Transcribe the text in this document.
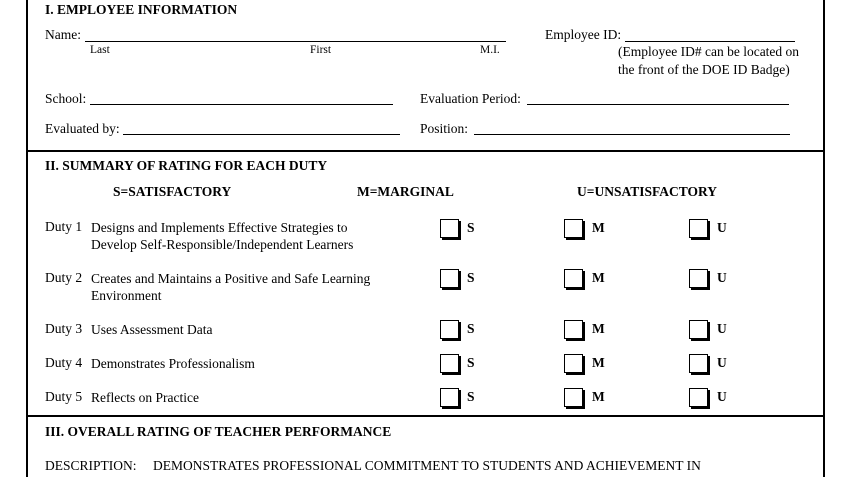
I. EMPLOYEE INFORMATION
Name:
Last	First	M.I.
Employee ID:
(Employee ID# can be located on
the front of the DOE ID Badge)
School:	Evaluation Period:
Evaluated by:	Position:
II. SUMMARY OF RATING FOR EACH DUTY
S=SATISFACTORY	M=MARGINAL	U=UNSATISFACTORY
Duty 1 Designs and Implements Effective Strategies to
Develop Self-Responsible/Independent Learners
S	M	U
Duty 2 Creates and Maintains a Positive and Safe Learning
Environment
S	M	U
Duty 3 Uses Assessment Data	S	M	U
Duty 4 Demonstrates Professionalism	S	M	U
Duty 5 Reflects on Practice	S	M	U
III. OVERALL RATING OF TEACHER PERFORMANCE
DESCRIPTION: DEMONSTRATES PROFESSIONAL COMMITMENT TO STUDENTS AND ACHIEVEMENT IN
